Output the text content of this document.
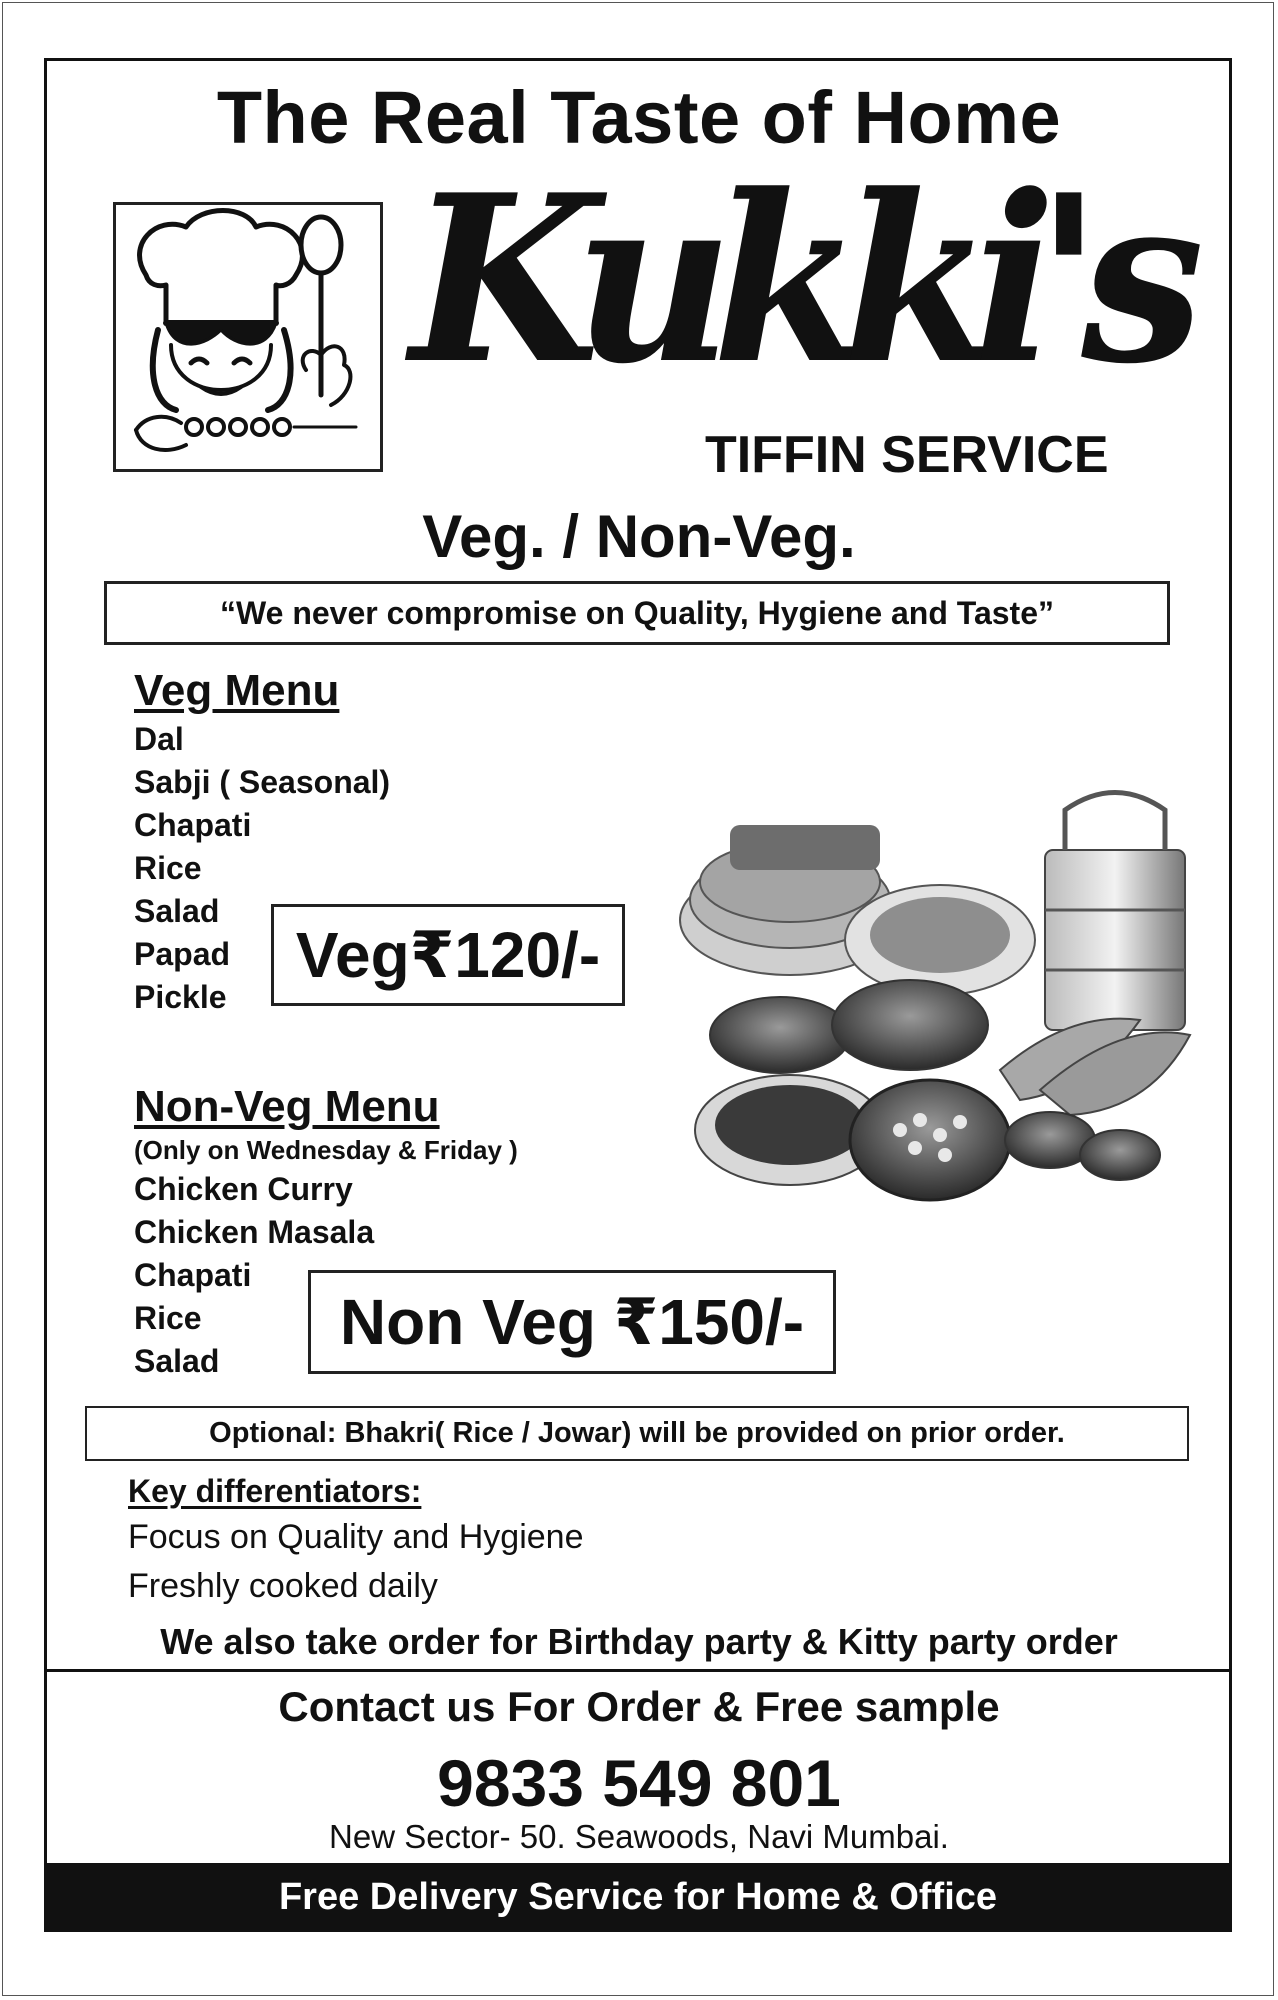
The Real Taste of Home
Kukki's
TIFFIN SERVICE
Veg. / Non-Veg.
“We never compromise on Quality, Hygiene and Taste”
Veg Menu
Dal
Sabji ( Seasonal)
Chapati
Rice
Salad
Papad
Pickle
Veg ₹120/-
Non-Veg Menu
(Only on Wednesday & Friday )
Chicken Curry
Chicken Masala
Chapati
Rice
Salad
Non Veg
₹150/-
Optional: Bhakri( Rice / Jowar) will be provided on prior order.
Key differentiators:
Focus on Quality and Hygiene
Freshly cooked daily
We also take order for Birthday party & Kitty party order
Contact us For Order & Free sample
9833 549 801
New Sector- 50. Seawoods, Navi Mumbai.
Free Delivery Service for Home & Office
